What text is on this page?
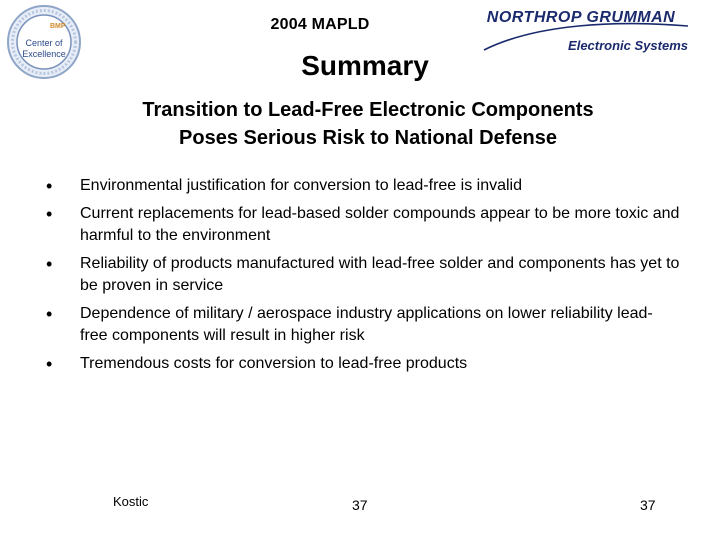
BMP
Center of
Excellence
2004 MAPLD
Summary
NORTHROP GRUMMAN
Electronic Systems
Transition to Lead-Free Electronic Components
Poses Serious Risk to National Defense
• Environmental justification for conversion to lead-free is invalid
• Current replacements for lead-based solder compounds appear to be more toxic and harmful to the environment
• Reliability of products manufactured with lead-free solder and components has yet to be proven in service
• Dependence of military / aerospace industry applications on lower reliability lead-free components will result in higher risk
• Tremendous costs for conversion to lead-free products
Kostic	37	37
